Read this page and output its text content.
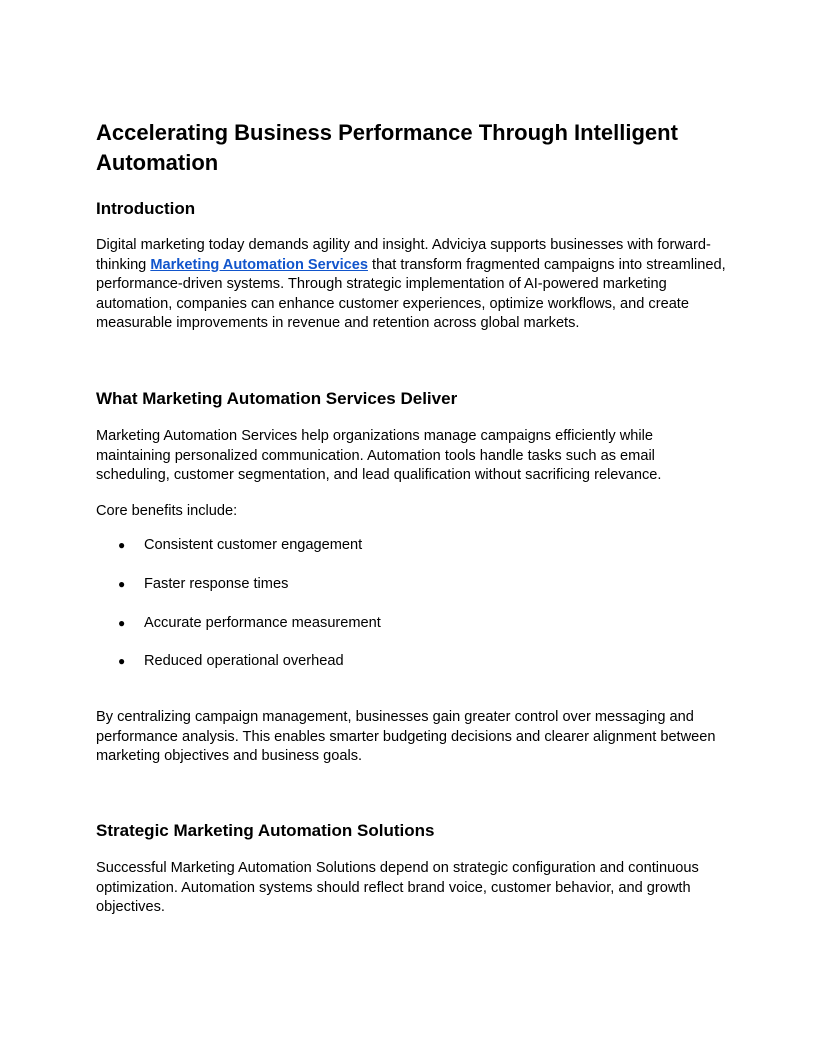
Accelerating Business Performance Through Intelligent Automation
Introduction

Digital marketing today demands agility and insight. Adviciya supports businesses with forward-thinking Marketing Automation Services that transform fragmented campaigns into streamlined, performance-driven systems. Through strategic implementation of AI-powered marketing automation, companies can enhance customer experiences, optimize workflows, and create measurable improvements in revenue and retention across global markets.

What Marketing Automation Services Deliver

Marketing Automation Services help organizations manage campaigns efficiently while maintaining personalized communication. Automation tools handle tasks such as email scheduling, customer segmentation, and lead qualification without sacrificing relevance.

Core benefits include:

● Consistent customer engagement
● Faster response times
● Accurate performance measurement
● Reduced operational overhead

By centralizing campaign management, businesses gain greater control over messaging and performance analysis. This enables smarter budgeting decisions and clearer alignment between marketing objectives and business goals.

Strategic Marketing Automation Solutions

Successful Marketing Automation Solutions depend on strategic configuration and continuous optimization. Automation systems should reflect brand voice, customer behavior, and growth objectives.
